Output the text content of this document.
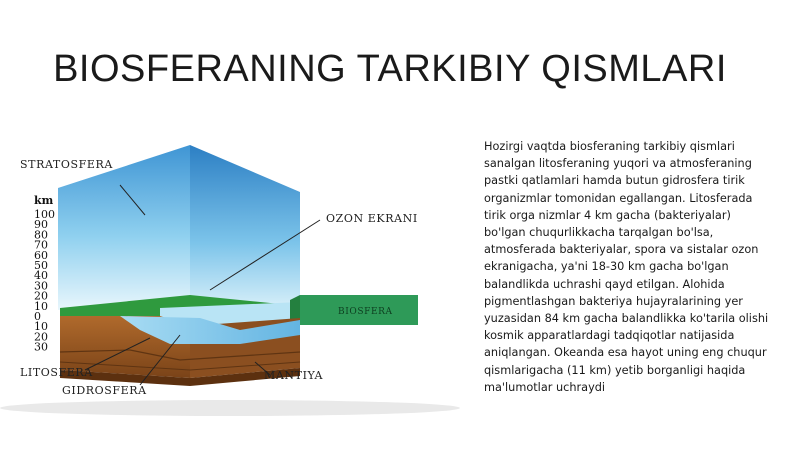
BIOSFERANING TARKIBIY QISMLARI
Hozirgi vaqtda biosferaning tarkibiy qismlari sanalgan litosferaning yuqori va atmosferaning pastki qatlamlari hamda butun gidrosfera tirik organizmlar tomonidan egallangan. Litosferada tirik orga nizmlar 4 km gacha (bakteriyalar) bo'lgan chuqurlikkacha tarqalgan bo'lsa, atmosferada bakteriyalar, spora va sistalar ozon ekranigacha, ya'ni 18-30 km gacha bo'lgan balandlikda uchrashi qayd etilgan. Alohida pigmentlashgan bakteriya hujayralarining yer yuzasidan 84 km gacha balandlikka ko'tarila olishi kosmik apparatlardagi tadqiqotlar natijasida aniqlangan. Okeanda esa hayot uning eng chuqur qismlarigacha (11 km) yetib borganligi haqida ma'lumotlar uchraydi
STRATOSFERA
OZON EKRANI
BIOSFERA
LITOSFERA
GIDROSFERA
MANTIYA
km
100
90
80
70
60
50
40
30
20
10
0
10
20
30
